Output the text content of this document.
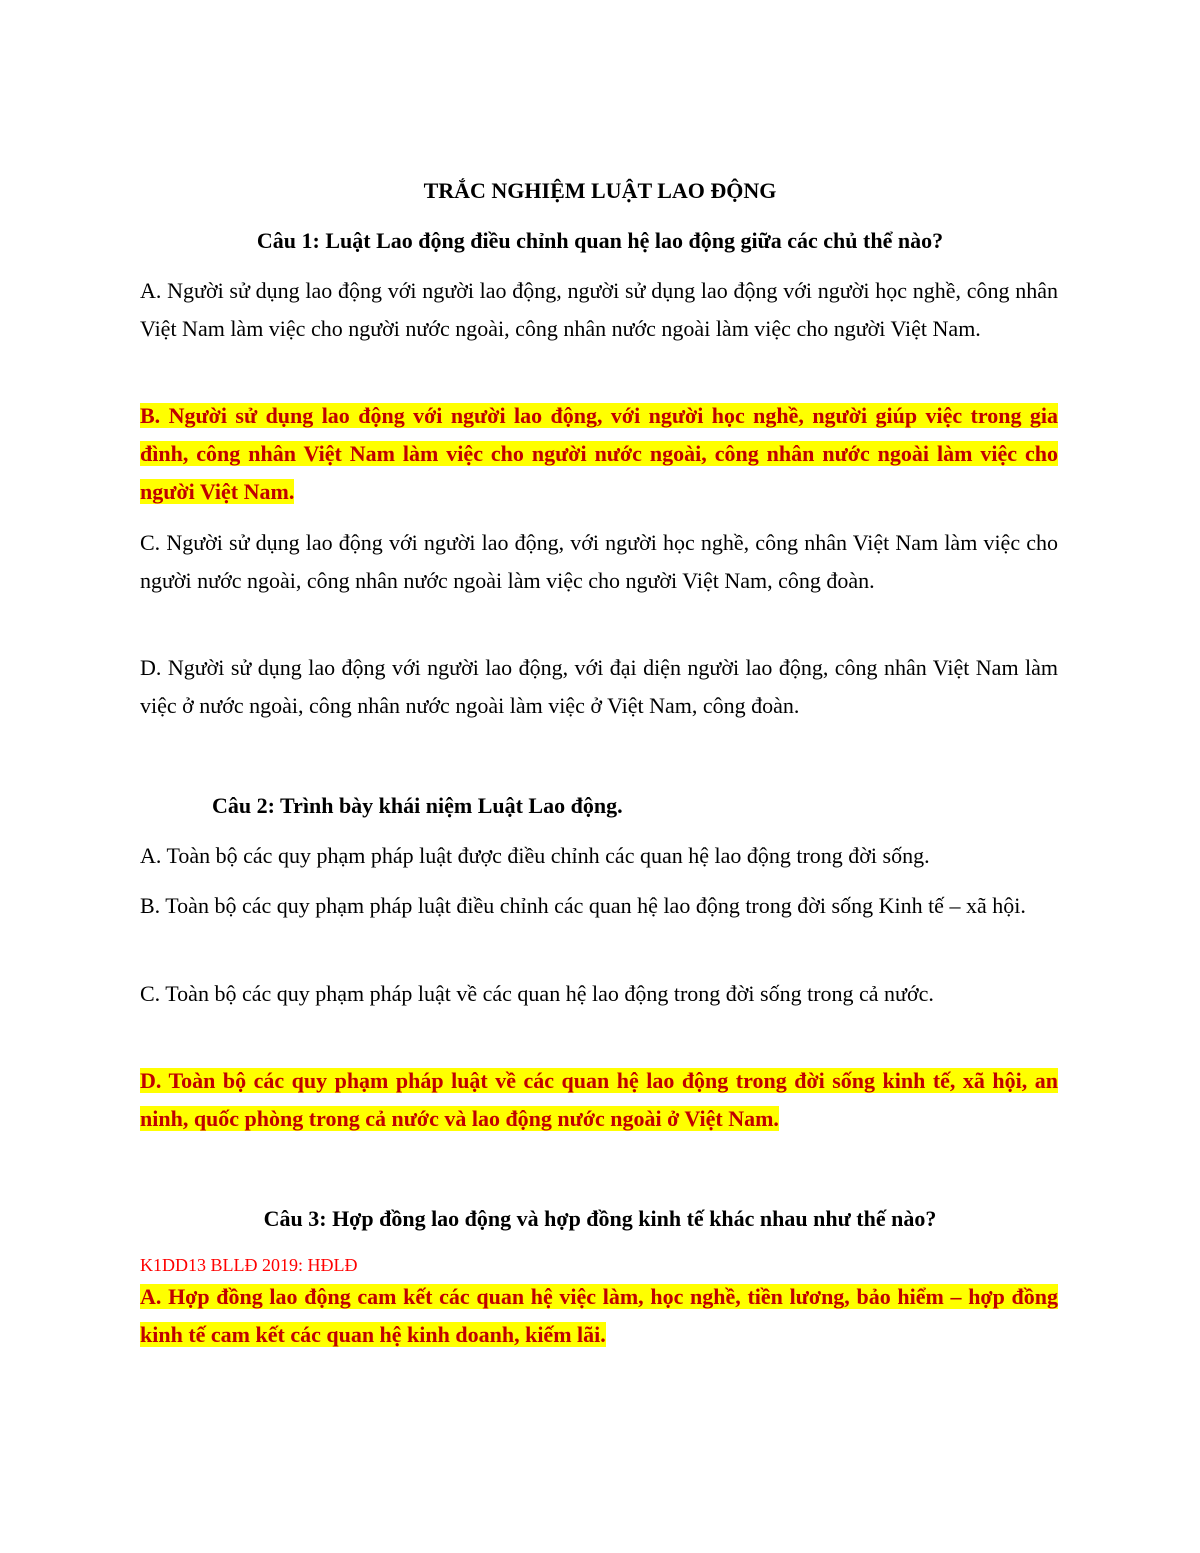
TRẮC NGHIỆM LUẬT LAO ĐỘNG

Câu 1: Luật Lao động điều chỉnh quan hệ lao động giữa các chủ thể nào?

A. Người sử dụng lao động với người lao động, người sử dụng lao động với người học nghề, công nhân Việt Nam làm việc cho người nước ngoài, công nhân nước ngoài làm việc cho người Việt Nam.

B. Người sử dụng lao động với người lao động, với người học nghề, người giúp việc trong gia đình, công nhân Việt Nam làm việc cho người nước ngoài, công nhân nước ngoài làm việc cho người Việt Nam.

C. Người sử dụng lao động với người lao động, với người học nghề, công nhân Việt Nam làm việc cho người nước ngoài, công nhân nước ngoài làm việc cho người Việt Nam, công đoàn.

D. Người sử dụng lao động với người lao động, với đại diện người lao động, công nhân Việt Nam làm việc ở nước ngoài, công nhân nước ngoài làm việc ở Việt Nam, công đoàn.

Câu 2: Trình bày khái niệm Luật Lao động.

A. Toàn bộ các quy phạm pháp luật được điều chỉnh các quan hệ lao động trong đời sống.

B. Toàn bộ các quy phạm pháp luật điều chỉnh các quan hệ lao động trong đời sống Kinh tế – xã hội.

C. Toàn bộ các quy phạm pháp luật về các quan hệ lao động trong đời sống trong cả nước.

D. Toàn bộ các quy phạm pháp luật về các quan hệ lao động trong đời sống kinh tế, xã hội, an ninh, quốc phòng trong cả nước và lao động nước ngoài ở Việt Nam.

Câu 3: Hợp đồng lao động và hợp đồng kinh tế khác nhau như thế nào?

K1DD13 BLLĐ 2019: HĐLĐ

A. Hợp đồng lao động cam kết các quan hệ việc làm, học nghề, tiền lương, bảo hiểm – hợp đồng kinh tế cam kết các quan hệ kinh doanh, kiếm lãi.
